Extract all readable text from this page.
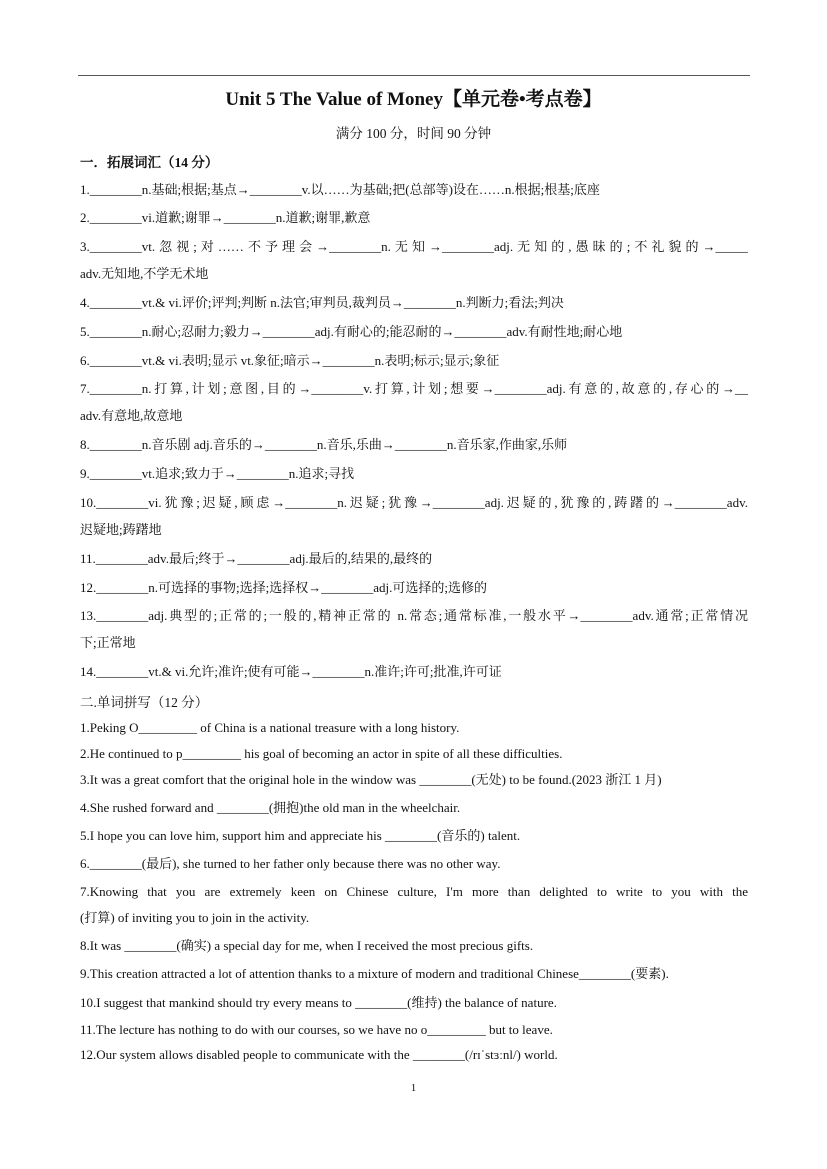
Unit 5 The Value of Money【单元卷•考点卷】
满分 100 分，时间 90 分钟
一．拓展词汇（14 分）
1.________n.基础;根据;基点→________v.以……为基础;把(总部等)设在……n.根据;根基;底座
2.________vi.道歉;谢罪→________n.道歉;谢罪,歉意
3.________vt.忽视;对……不予理会→________n.无知→________adj.无知的,愚昧的;不礼貌的→_____
adv.无知地,不学无术地
4.________vt.& vi.评价;评判;判断 n.法官;审判员,裁判员→________n.判断力;看法;判决
5.________n.耐心;忍耐力;毅力→________adj.有耐心的;能忍耐的→________adv.有耐性地;耐心地
6.________vt.& vi.表明;显示 vt.象征;暗示→________n.表明;标示;显示;象征
7.________n.打算,计划;意图,目的→________v.打算,计划;想要→________adj.有意的,故意的,存心的→__
adv.有意地,故意地
8.________n.音乐剧 adj.音乐的→________n.音乐,乐曲→________n.音乐家,作曲家,乐师
9.________vt.追求;致力于→________n.追求;寻找
10.________vi.犹豫;迟疑,顾虑→________n.迟疑;犹豫→________adj.迟疑的,犹豫的,踌躇的→________adv.
迟疑地;踌躇地
11.________adv.最后;终于→________adj.最后的,结果的,最终的
12.________n.可选择的事物;选择;选择权→________adj.可选择的;选修的
13.________adj.典型的;正常的;一般的,精神正常的 n.常态;通常标准,一般水平→________adv.通常;正常情况
下;正常地
14.________vt.& vi.允许;准许;使有可能→________n.准许;许可;批准,许可证
二.单词拼写（12 分）
1.Peking O_________ of China is a national treasure with a long history.
2.He continued to p_________ his goal of becoming an actor in spite of all these difficulties.
3.It was a great comfort that the original hole in the window was ________(无处) to be found.(2023 浙江 1 月)
4.She rushed forward and ________(拥抱)the old man in the wheelchair.
5.I hope you can love him, support him and appreciate his ________(音乐的) talent.
6.________(最后), she turned to her father only because there was no other way.
7.Knowing that you are extremely keen on Chinese culture, I'm more than delighted to write to you with the
(打算) of inviting you to join in the activity.
8.It was ________(确实) a special day for me, when I received the most precious gifts.
9.This creation attracted a lot of attention thanks to a mixture of modern and traditional Chinese________(要素).
10.I suggest that mankind should try every means to ________(维持) the balance of nature.
11.The lecture has nothing to do with our courses, so we have no o_________ but to leave.
12.Our system allows disabled people to communicate with the ________(/rɪˈstɜːnl/) world.
1
